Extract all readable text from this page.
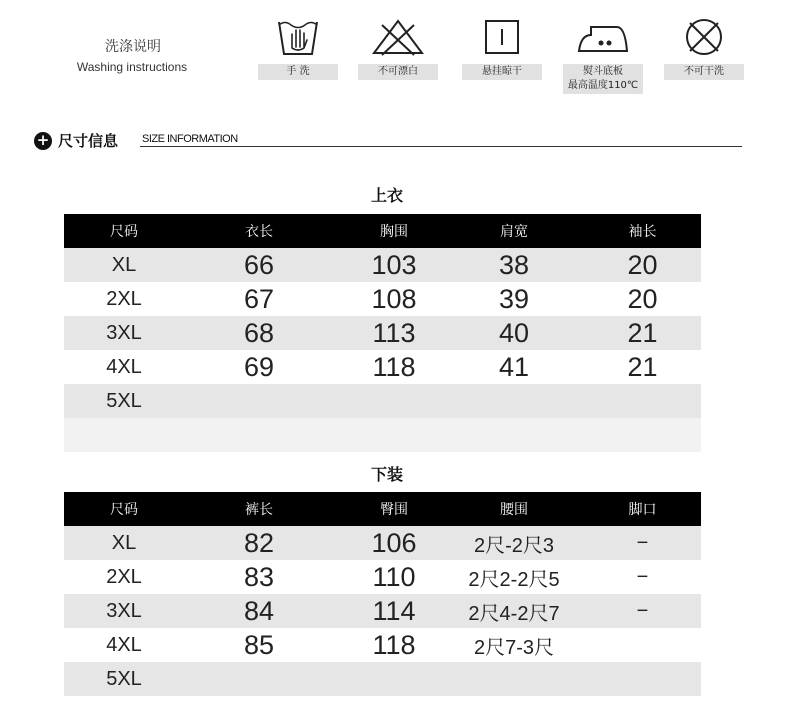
洗涤说明
Washing instructions	手 洗	不可漂白	悬挂晾干	熨斗底板
最高温度110℃
不可干洗
+ 尺寸信息 SIZE INFORMATION
上衣
尺码	衣长	胸围	肩宽	袖长
XL	66	103	38	20
2XL	67	108	39	20
3XL	68	113	40	21
4XL	69	118	41	21
5XL
下装
尺码	裤长	臀围	腰围	脚口
XL	82	106	2尺-2尺3	−
2XL	83	110	2尺2-2尺5	−
3XL	84	114	2尺4-2尺7	−
4XL	85	118	2尺7-3尺
5XL
